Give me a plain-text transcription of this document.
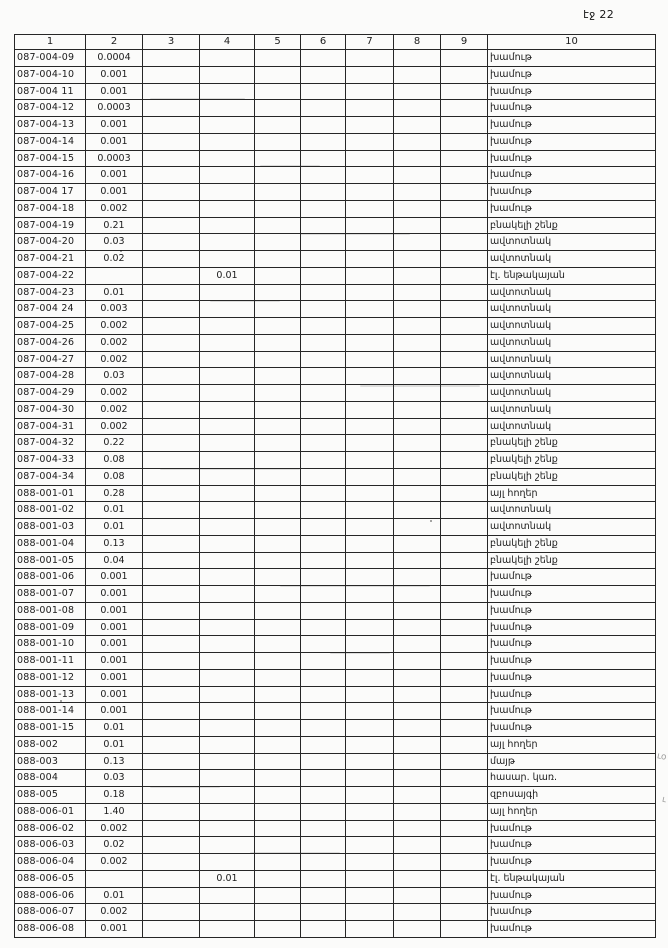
էջ 22
1	2	3	4	5	6	7	8	9	10
087-004-09	0.0004								խամութ
087-004-10	0.001								խամութ
087-004 11	0.001								խամութ
087-004-12	0.0003								խամութ
087-004-13	0.001								խամութ
087-004-14	0.001								խամութ
087-004-15	0.0003								խամութ
087-004-16	0.001								խամութ
087-004 17	0.001								խամութ
087-004-18	0.002								խամութ
087-004-19	0.21								բնակելի շենք
087-004-20	0.03								ավտոտնակ
087-004-21	0.02								ավտոտնակ
087-004-22			0.01						էլ. ենթակայան
087-004-23	0.01								ավտոտնակ
087-004 24	0.003								ավտոտնակ
087-004-25	0.002								ավտոտնակ
087-004-26	0.002								ավտոտնակ
087-004-27	0.002								ավտոտնակ
087-004-28	0.03								ավտոտնակ
087-004-29	0.002								ավտոտնակ
087-004-30	0.002								ավտոտնակ
087-004-31	0.002								ավտոտնակ
087-004-32	0.22								բնակելի շենք
087-004-33	0.08								բնակելի շենք
087-004-34	0.08								բնակելի շենք
088-001-01	0.28								այլ հողեր
088-001-02	0.01								ավտոտնակ
088-001-03	0.01								ավտոտնակ
088-001-04	0.13								բնակելի շենք
088-001-05	0.04								բնակելի շենք
088-001-06	0.001								խամութ
088-001-07	0.001								խամութ
088-001-08	0.001								խամութ
088-001-09	0.001								խամութ
088-001-10	0.001								խամութ
088-001-11	0.001								խամութ
088-001-12	0.001								խամութ
088-001-13	0.001								խամութ
088-001-14	0.001								խամութ
088-001-15	0.01								խամութ
088-002	0.01								այլ հողեր
088-003	0.13								մայթ
088-004	0.03								հասար. կառ.
088-005	0.18								զբոսայգի
088-006-01	1.40								այլ հողեր
088-006-02	0.002								խամութ
088-006-03	0.02								խամութ
088-006-04	0.002								խամութ
088-006-05			0.01						էլ. ենթակայան
088-006-06	0.01								խամութ
088-006-07	0.002								խամութ
088-006-08	0.001								խամութ
ւօ
ւ
